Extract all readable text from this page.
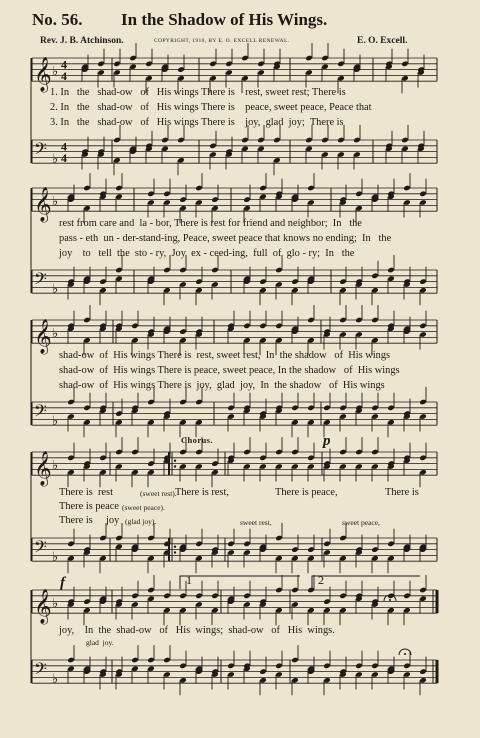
No. 56. In the Shadow of His Wings.
Rev. J. B. Atchinson.	COPYRIGHT, 1910, BY E. O. EXCELL RENEWAL.	E. O. Excell.
1. In   the   shad-ow   of   His wings There is    rest, sweet rest; There is
2. In   the   shad-ow   of   His wings There is    peace, sweet peace, Peace that
3. In   the   shad-ow   of   His wings There is    joy,  glad  joy;  There is
rest from care and  la - bor, There is rest for friend and neighbor;  In   the
pass - eth  un - der-stand-ing, Peace, sweet peace that knows no ending;  In   the
joy    to   tell  the  sto - ry,  Joy  ex - ceed-ing,  full  of  glo - ry;  In   the
shad-ow  of  His wings There is  rest, sweet rest,  In  the shadow   of  His wings
shad-ow  of  His wings There is peace, sweet peace, In the shadow   of  His wings
shad-ow  of  His wings There is  joy,  glad  joy,  In  the shadow   of  His wings
Chorus.	p
There is  rest	(sweet rest).
There is rest,	There is peace,	There is
There is peace (sweet peace).
There is joy (glad joy).	sweet rest,	sweet peace,
f	1	2
joy,    In  the  shad-ow   of   His  wings;  shad-ow   of   His  wings.
glad  joy.
𝄞 ♭ 4
4
𝄢 ♭
4
4
𝄞 ♭
𝄢 ♭
𝄞 ♭
𝄢 ♭
𝄞 ♭
𝄢 ♭
𝄞 ♭
𝄢 ♭
